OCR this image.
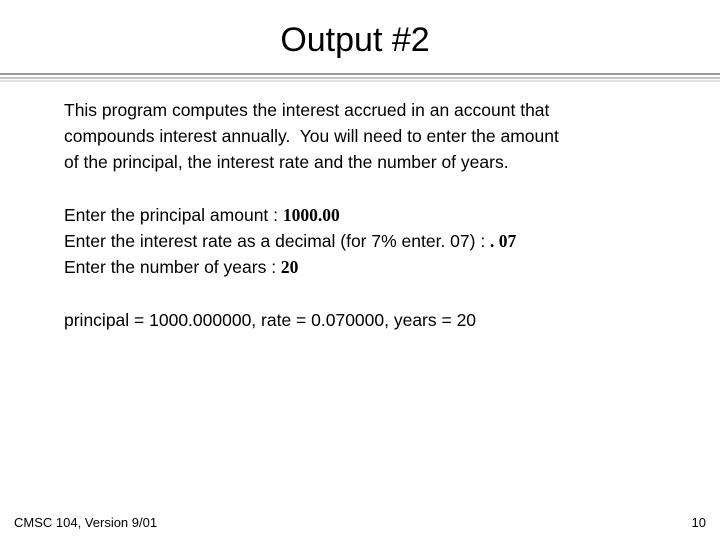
Output #2
This program computes the interest accrued in an account that
compounds interest annually.  You will need to enter the amount
of the principal, the interest rate and the number of years.
Enter the principal amount : 1000.00
Enter the interest rate as a decimal (for 7% enter. 07) : . 07
Enter the number of years : 20
principal = 1000.000000, rate = 0.070000, years = 20
CMSC 104, Version 9/01	10
